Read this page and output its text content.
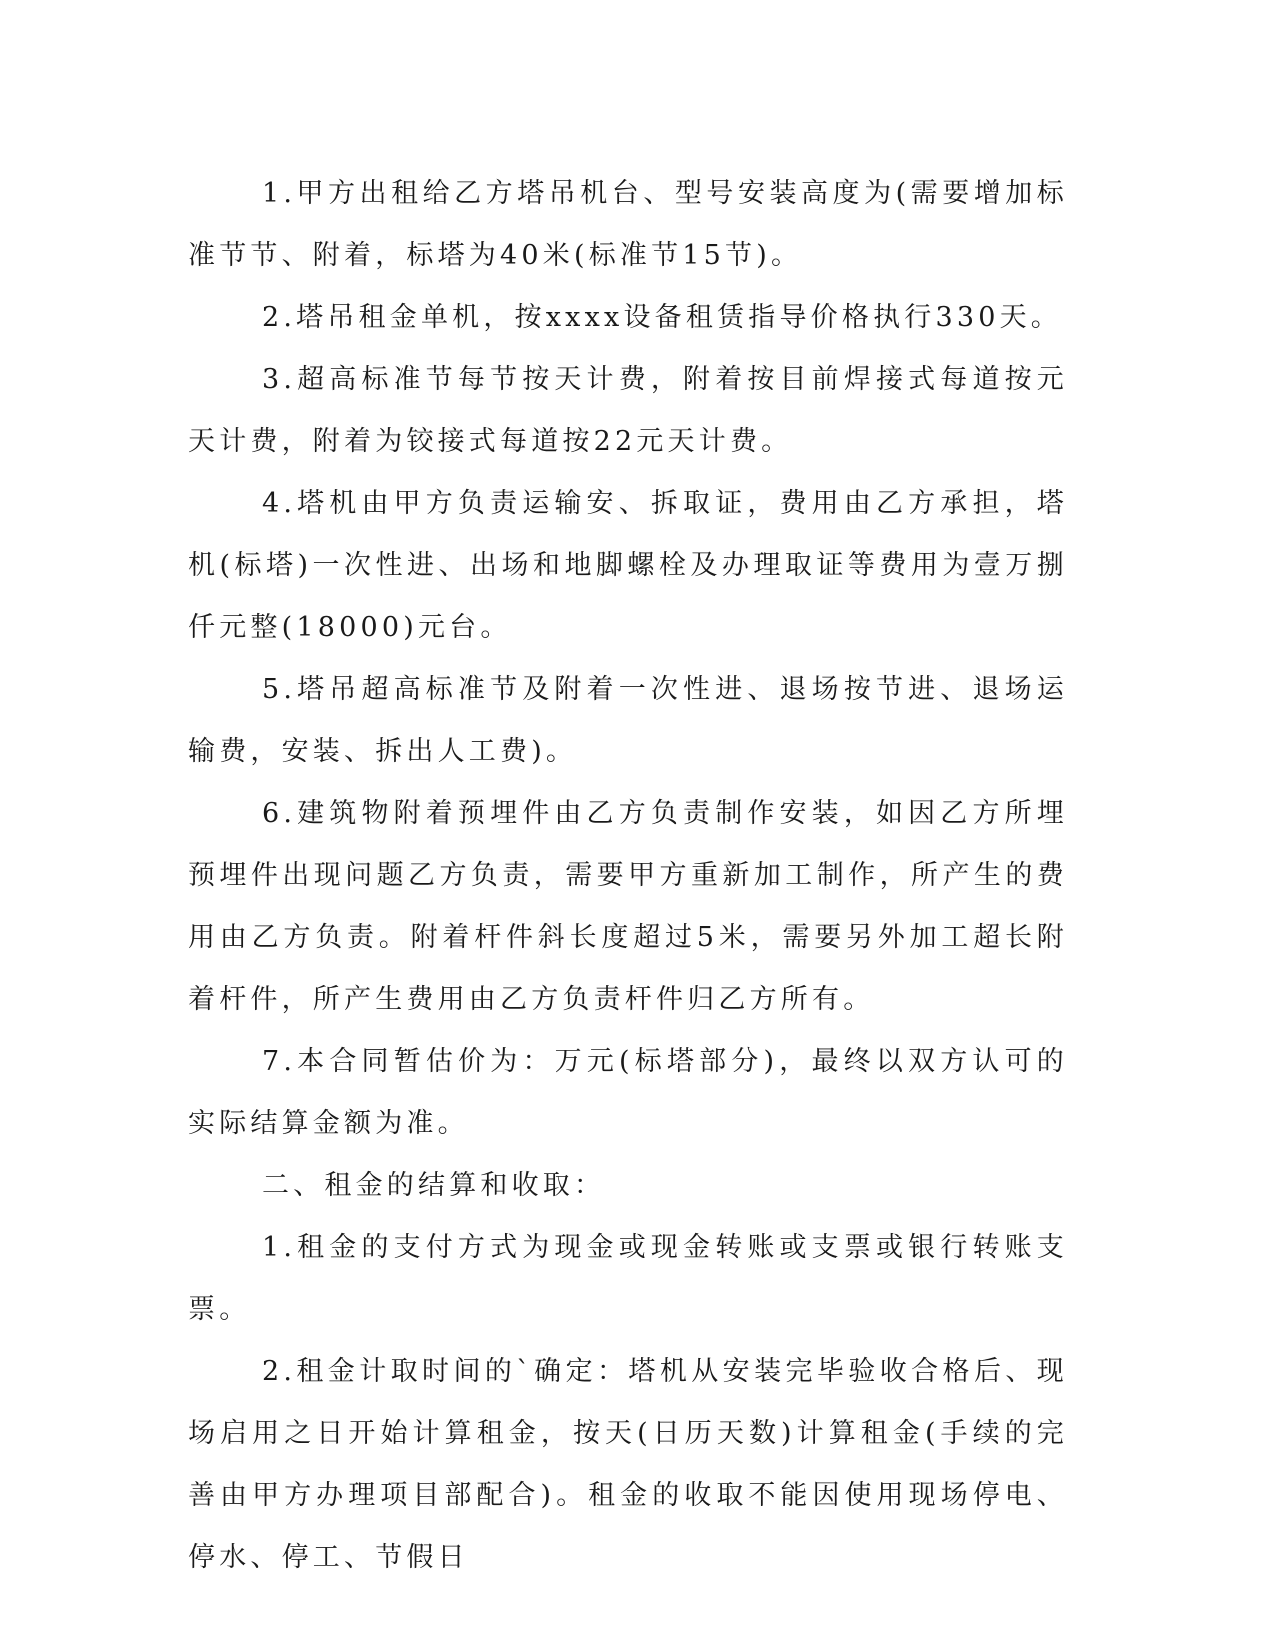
1.甲方出租给乙方塔吊机台、型号安装高度为(需要增加标准节节、附着，标塔为40米(标准节15节)。

2.塔吊租金单机，按xxxx设备租赁指导价格执行330天。

3.超高标准节每节按天计费，附着按目前焊接式每道按元天计费，附着为铰接式每道按22元天计费。

4.塔机由甲方负责运输安、拆取证，费用由乙方承担，塔机(标塔)一次性进、出场和地脚螺栓及办理取证等费用为壹万捌仟元整(18000)元台。

5.塔吊超高标准节及附着一次性进、退场按节进、退场运输费，安装、拆出人工费)。

6.建筑物附着预埋件由乙方负责制作安装，如因乙方所埋预埋件出现问题乙方负责，需要甲方重新加工制作，所产生的费用由乙方负责。附着杆件斜长度超过5米，需要另外加工超长附着杆件，所产生费用由乙方负责杆件归乙方所有。

7.本合同暂估价为：万元(标塔部分)，最终以双方认可的实际结算金额为准。

二、租金的结算和收取：

1.租金的支付方式为现金或现金转账或支票或银行转账支票。

2.租金计取时间的`确定：塔机从安装完毕验收合格后、现场启用之日开始计算租金，按天(日历天数)计算租金(手续的完善由甲方办理项目部配合)。租金的收取不能因使用现场停电、停水、停工、节假日
